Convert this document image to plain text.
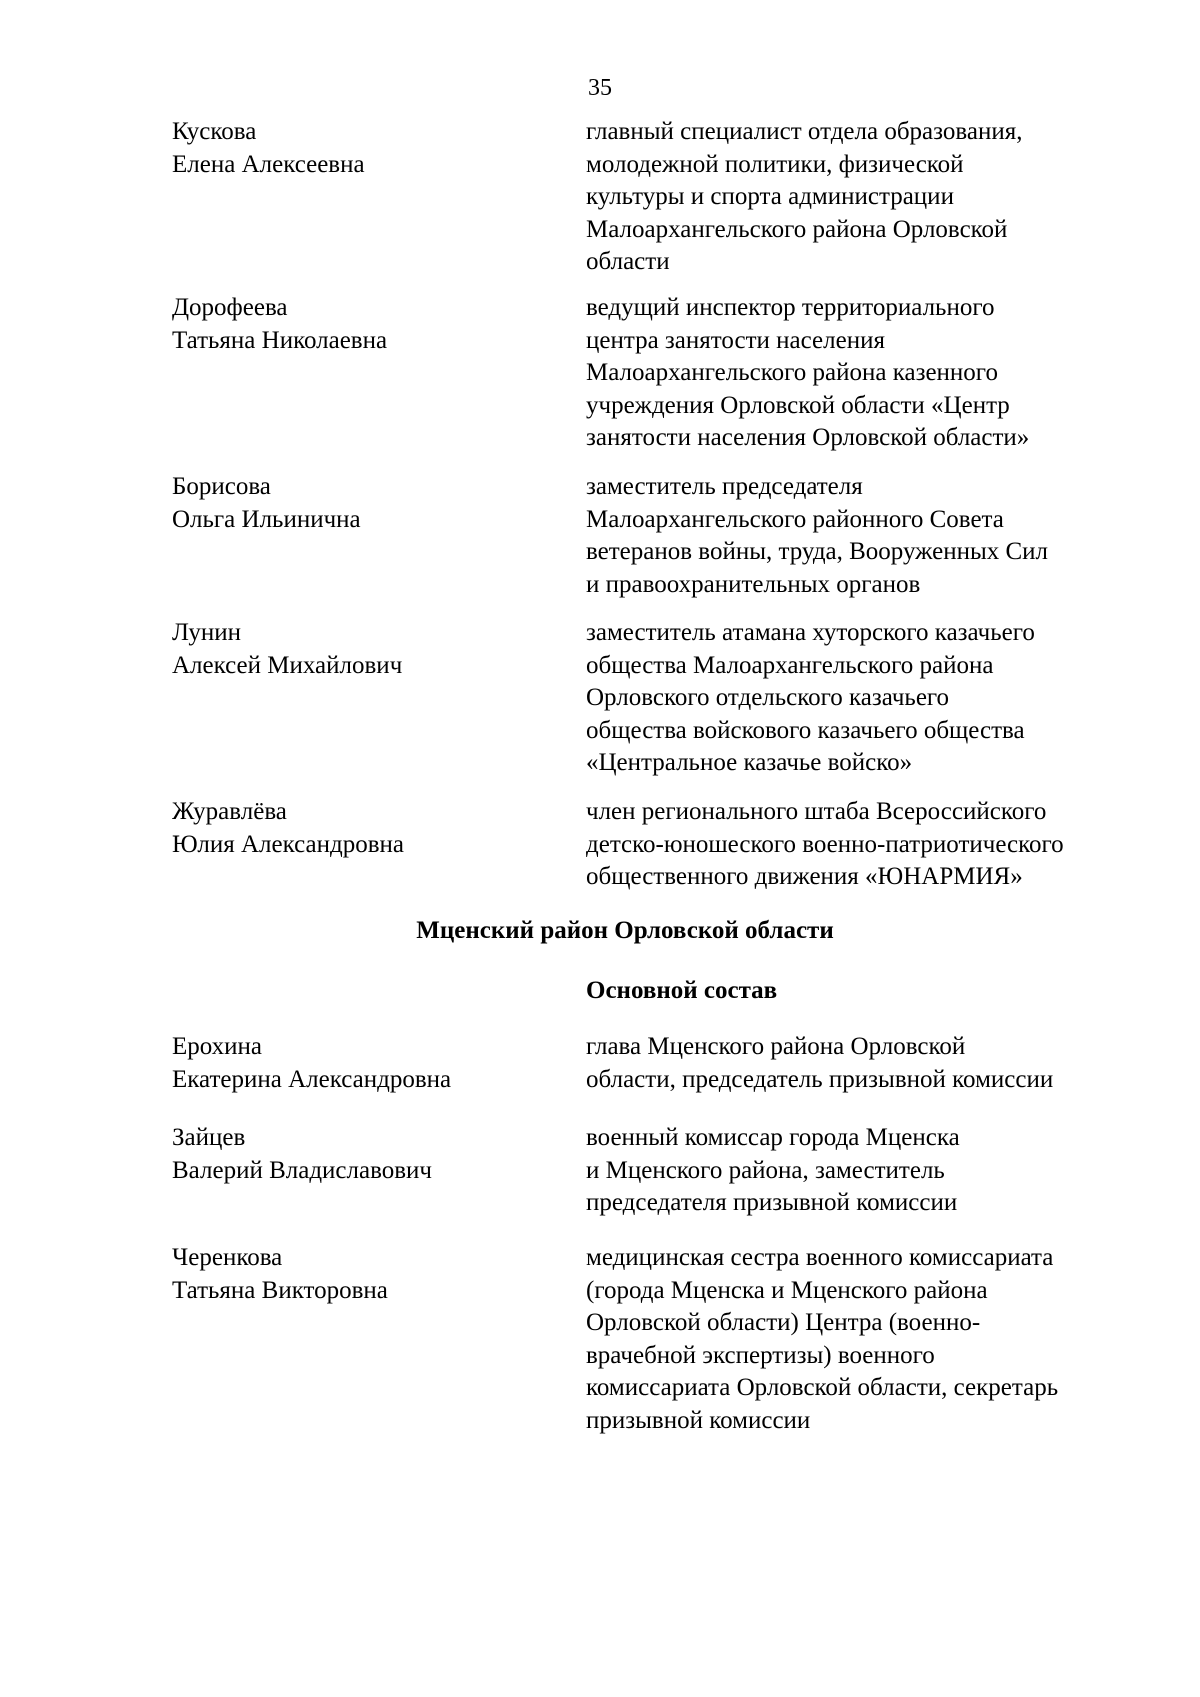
35
Кускова
Елена Алексеевна
главный специалист отдела образования,
молодежной политики, физической
культуры и спорта администрации
Малоархангельского района Орловской
области
Дорофеева
Татьяна Николаевна
ведущий инспектор территориального
центра занятости населения
Малоархангельского района казенного
учреждения Орловской области «Центр
занятости населения Орловской области»
Борисова
Ольга Ильинична
заместитель председателя
Малоархангельского районного Совета
ветеранов войны, труда, Вооруженных Сил
и правоохранительных органов
Лунин
Алексей Михайлович
заместитель атамана хуторского казачьего
общества Малоархангельского района
Орловского отдельского казачьего
общества войскового казачьего общества
«Центральное казачье войско»
Журавлёва
Юлия Александровна
член регионального штаба Всероссийского
детско-юношеского военно-патриотического
общественного движения «ЮНАРМИЯ»
Мценский район Орловской области
Основной состав
Ерохина
Екатерина Александровна
глава Мценского района Орловской
области, председатель призывной комиссии
Зайцев
Валерий Владиславович
военный комиссар города Мценска
и Мценского района, заместитель
председателя призывной комиссии
Черенкова
Татьяна Викторовна
медицинская сестра военного комиссариата
(города Мценска и Мценского района
Орловской области) Центра (военно-
врачебной экспертизы) военного
комиссариата Орловской области, секретарь
призывной комиссии
